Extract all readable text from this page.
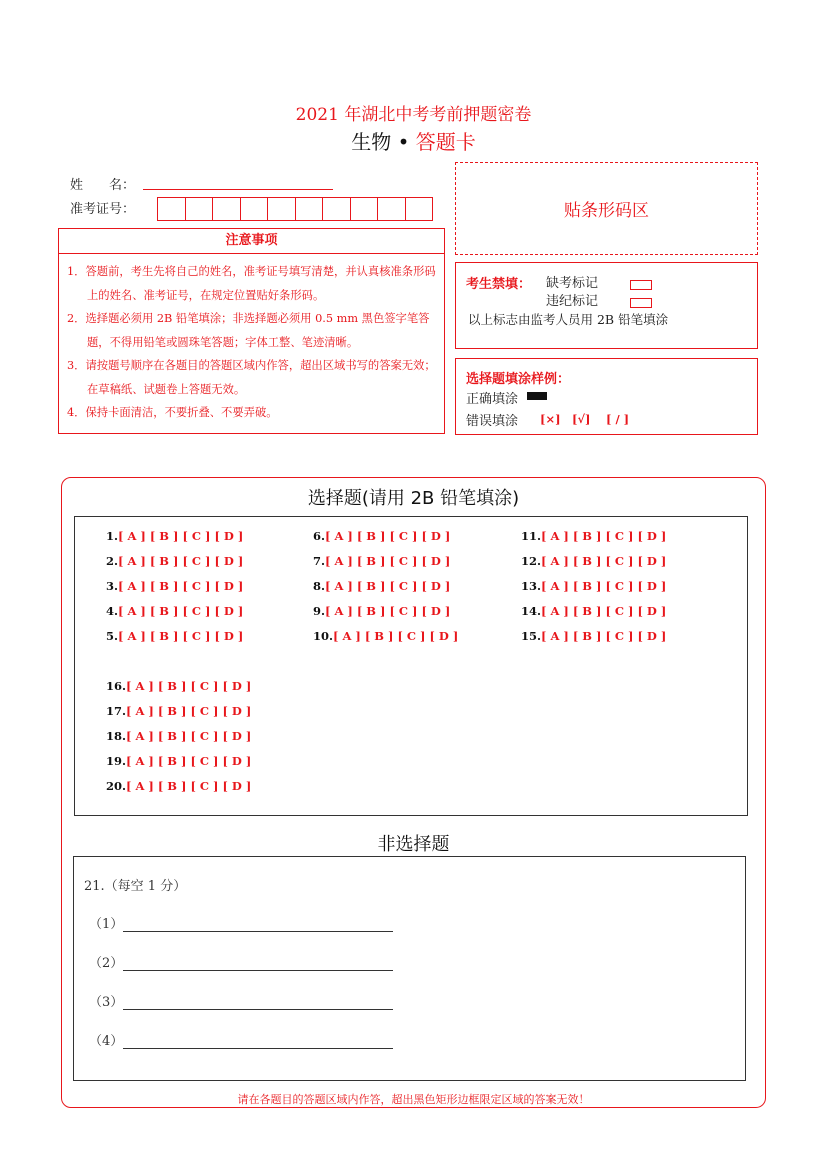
2021 年湖北中考考前押题密卷
生物 • 答题卡
姓　　名：
准考证号：	贴条形码区
注意事项
1．答题前，考生先将自己的姓名，准考证号填写清楚，并认真核准条形码上的姓名、准考证号，在规定位置贴好条形码。
2．选择题必须用 2B 铅笔填涂；非选择题必须用 0.5 mm 黑色签字笔答题，不得用铅笔或圆珠笔答题；字体工整、笔迹清晰。
3．请按题号顺序在各题目的答题区域内作答，超出区域书写的答案无效；在草稿纸、试题卷上答题无效。
4．保持卡面清洁，不要折叠、不要弄破。
考生禁填： 缺考标记
违纪标记
以上标志由监考人员用 2B 铅笔填涂
选择题填涂样例：
正确填涂
错误填涂 [×] [√] [ / ]
选择题(请用 2B 铅笔填涂)
1.[ A ] [ B ] [ C ] [ D ]
2.[ A ] [ B ] [ C ] [ D ]
3.[ A ] [ B ] [ C ] [ D ]
4.[ A ] [ B ] [ C ] [ D ]
5.[ A ] [ B ] [ C ] [ D ]
6.[ A ] [ B ] [ C ] [ D ]
7.[ A ] [ B ] [ C ] [ D ]
8.[ A ] [ B ] [ C ] [ D ]
9.[ A ] [ B ] [ C ] [ D ]
10.[ A ] [ B ] [ C ] [ D ]
11.[ A ] [ B ] [ C ] [ D ]
12.[ A ] [ B ] [ C ] [ D ]
13.[ A ] [ B ] [ C ] [ D ]
14.[ A ] [ B ] [ C ] [ D ]
15.[ A ] [ B ] [ C ] [ D ]
16.[ A ] [ B ] [ C ] [ D ]
17.[ A ] [ B ] [ C ] [ D ]
18.[ A ] [ B ] [ C ] [ D ]
19.[ A ] [ B ] [ C ] [ D ]
20.[ A ] [ B ] [ C ] [ D ]
非选择题
21.（每空 1 分）
（1）
（2）
（3）
（4）
请在各题目的答题区域内作答，超出黑色矩形边框限定区域的答案无效！
